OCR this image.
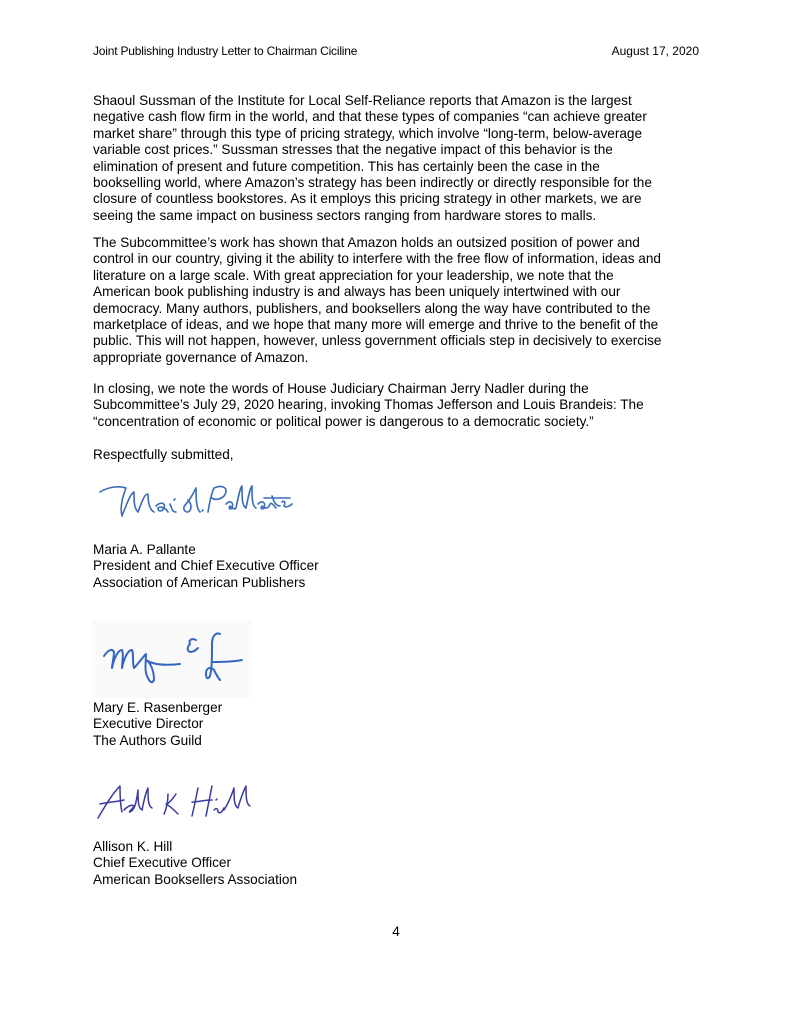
Joint Publishing Industry Letter to Chairman Ciciline	August 17, 2020

Shaoul Sussman of the Institute for Local Self-Reliance reports that Amazon is the largest
negative cash flow firm in the world, and that these types of companies “can achieve greater
market share” through this type of pricing strategy, which involve “long-term, below-average
variable cost prices.” Sussman stresses that the negative impact of this behavior is the
elimination of present and future competition. This has certainly been the case in the
bookselling world, where Amazon’s strategy has been indirectly or directly responsible for the
closure of countless bookstores. As it employs this pricing strategy in other markets, we are
seeing the same impact on business sectors ranging from hardware stores to malls.

The Subcommittee’s work has shown that Amazon holds an outsized position of power and
control in our country, giving it the ability to interfere with the free flow of information, ideas and
literature on a large scale. With great appreciation for your leadership, we note that the
American book publishing industry is and always has been uniquely intertwined with our
democracy. Many authors, publishers, and booksellers along the way have contributed to the
marketplace of ideas, and we hope that many more will emerge and thrive to the benefit of the
public. This will not happen, however, unless government officials step in decisively to exercise
appropriate governance of Amazon.

In closing, we note the words of House Judiciary Chairman Jerry Nadler during the
Subcommittee’s July 29, 2020 hearing, invoking Thomas Jefferson and Louis Brandeis: The
“concentration of economic or political power is dangerous to a democratic society.”

Respectfully submitted,

Maria A. Pallante
President and Chief Executive Officer
Association of American Publishers
Mary E. Rasenberger
Executive Director
The Authors Guild
Allison K. Hill
Chief Executive Officer
American Booksellers Association
4
